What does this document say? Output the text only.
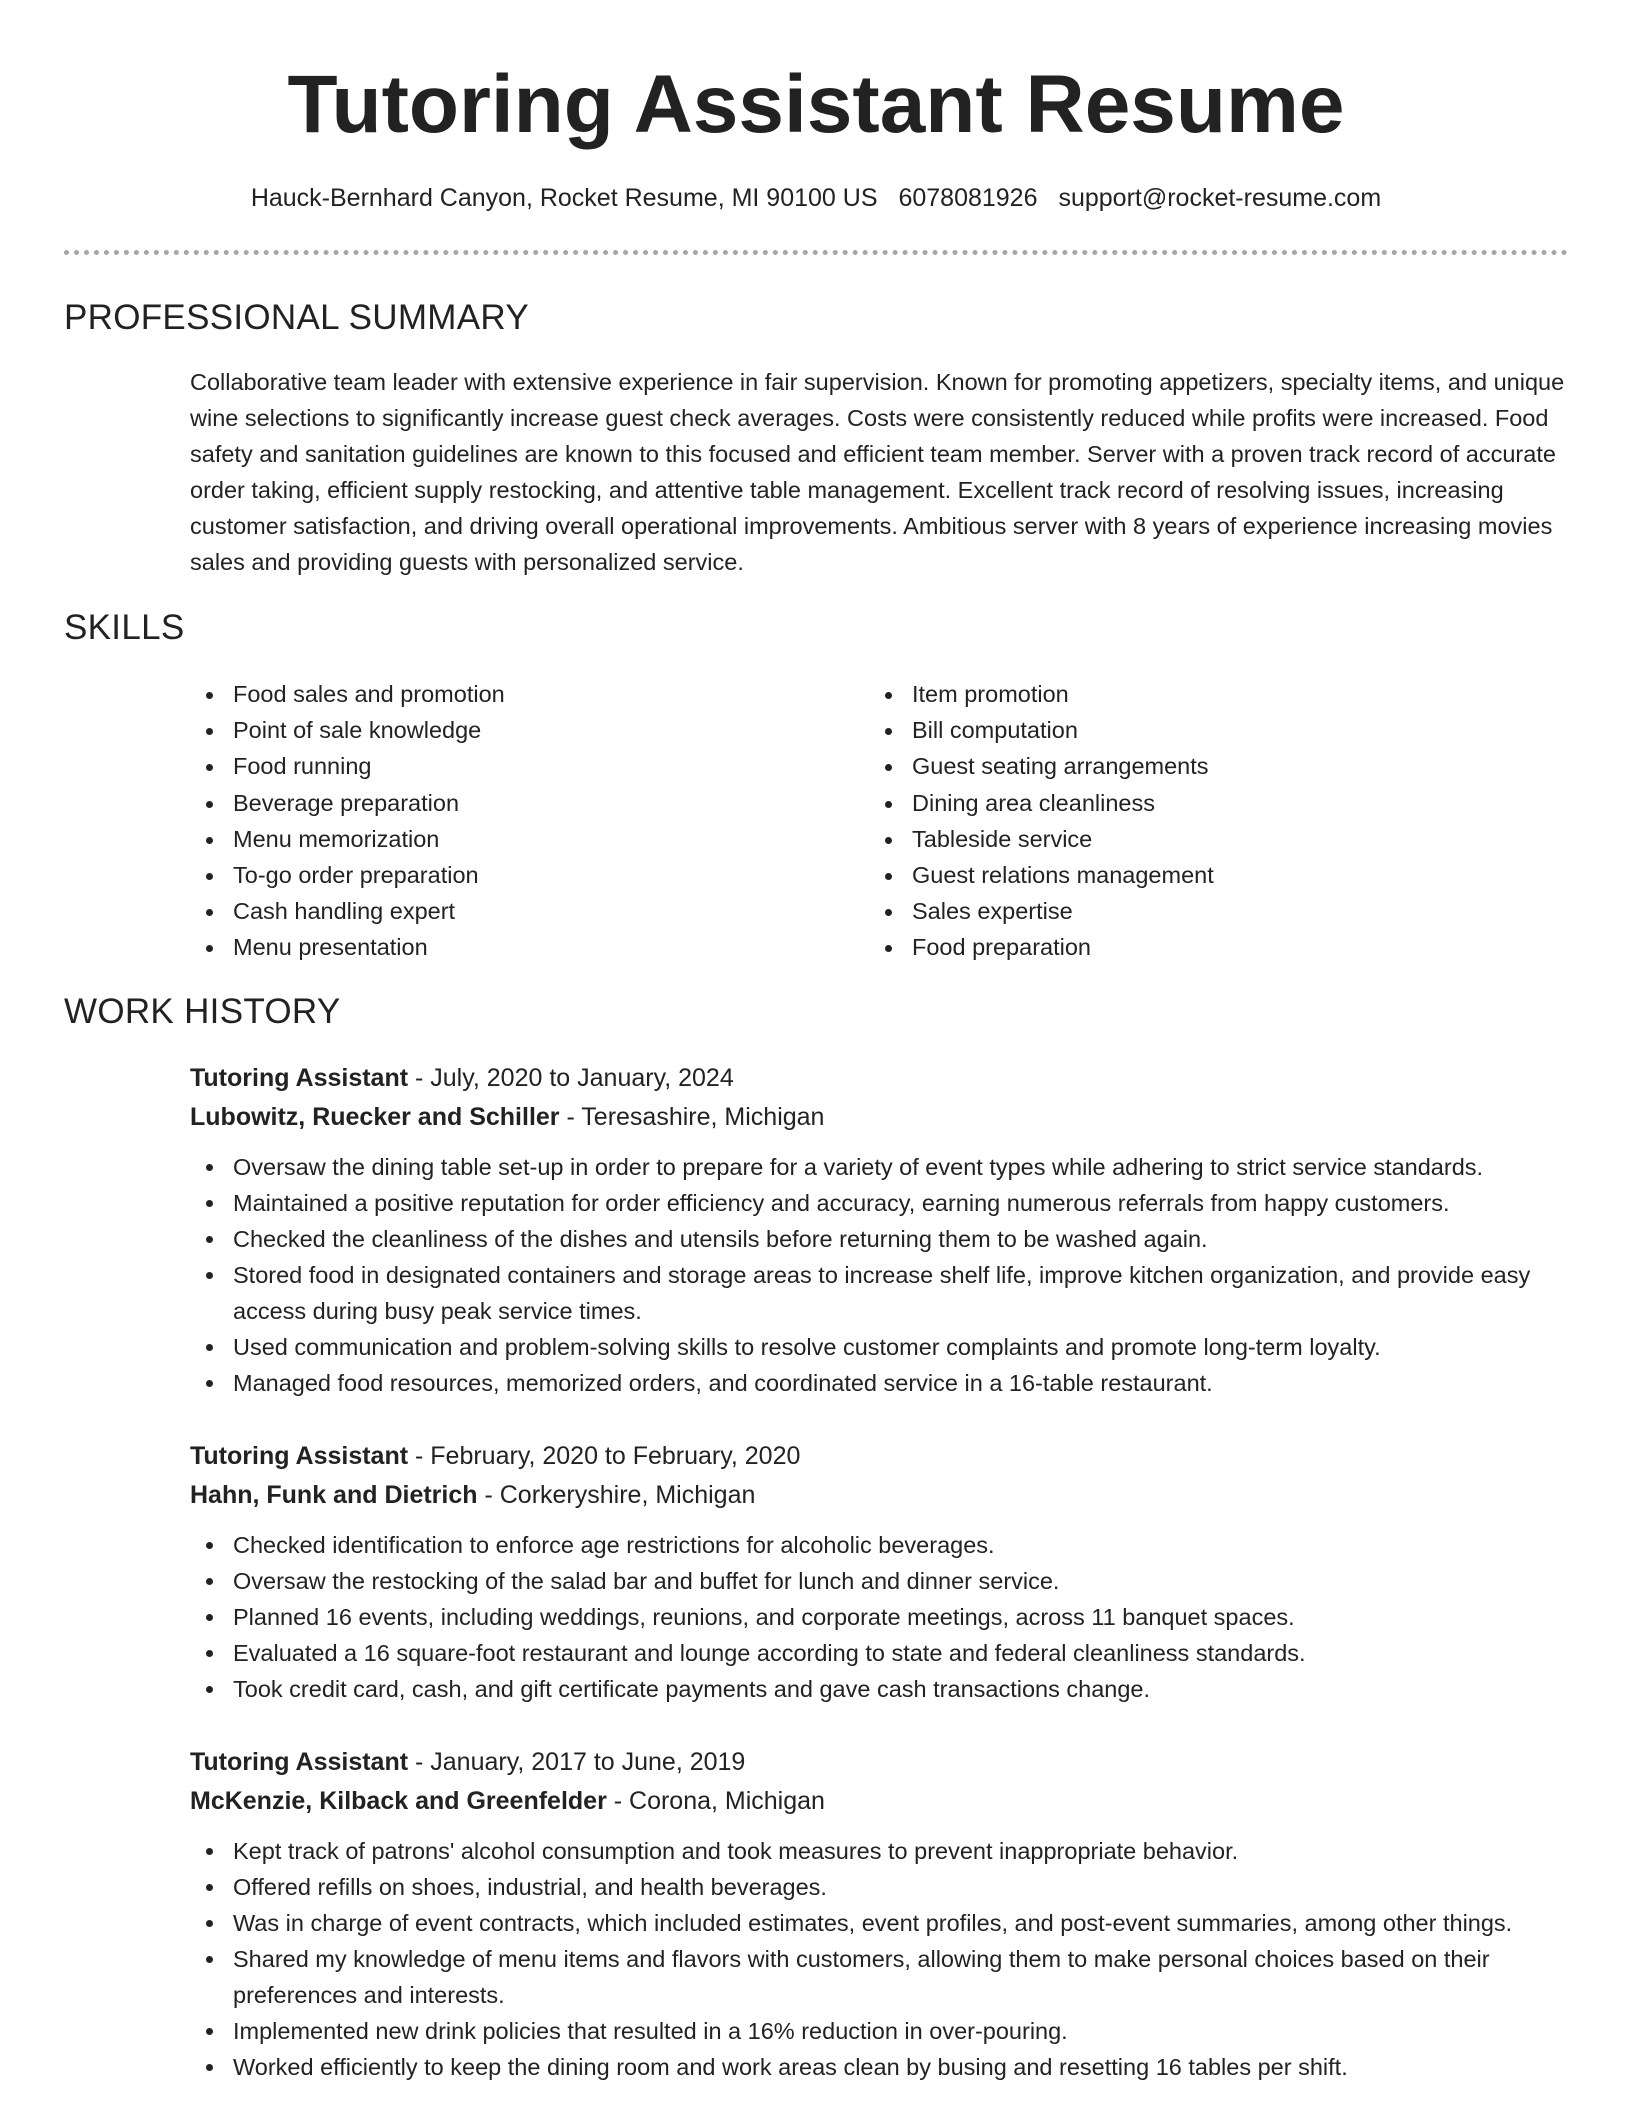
Tutoring Assistant Resume
Hauck-Bernhard Canyon, Rocket Resume, MI 90100 US 6078081926 support@rocket-resume.com
PROFESSIONAL SUMMARY

Collaborative team leader with extensive experience in fair supervision. Known for promoting appetizers, specialty items, and unique wine selections to significantly increase guest check averages. Costs were consistently reduced while profits were increased. Food safety and sanitation guidelines are known to this focused and efficient team member. Server with a proven track record of accurate order taking, efficient supply restocking, and attentive table management. Excellent track record of resolving issues, increasing customer satisfaction, and driving overall operational improvements. Ambitious server with 8 years of experience increasing movies sales and providing guests with personalized service.

SKILLS
Food sales and promotion
Point of sale knowledge
Food running
Beverage preparation
Menu memorization
To-go order preparation
Cash handling expert
Menu presentation
Item promotion
Bill computation
Guest seating arrangements
Dining area cleanliness
Tableside service
Guest relations management
Sales expertise
Food preparation
WORK HISTORY
Tutoring Assistant - July, 2020 to January, 2024
Lubowitz, Ruecker and Schiller - Teresashire, Michigan
Oversaw the dining table set-up in order to prepare for a variety of event types while adhering to strict service standards.
Maintained a positive reputation for order efficiency and accuracy, earning numerous referrals from happy customers.
Checked the cleanliness of the dishes and utensils before returning them to be washed again.
Stored food in designated containers and storage areas to increase shelf life, improve kitchen organization, and provide easy access during busy peak service times.
Used communication and problem-solving skills to resolve customer complaints and promote long-term loyalty.
Managed food resources, memorized orders, and coordinated service in a 16-table restaurant.
Tutoring Assistant - February, 2020 to February, 2020
Hahn, Funk and Dietrich - Corkeryshire, Michigan
Checked identification to enforce age restrictions for alcoholic beverages.
Oversaw the restocking of the salad bar and buffet for lunch and dinner service.
Planned 16 events, including weddings, reunions, and corporate meetings, across 11 banquet spaces.
Evaluated a 16 square-foot restaurant and lounge according to state and federal cleanliness standards.
Took credit card, cash, and gift certificate payments and gave cash transactions change.
Tutoring Assistant - January, 2017 to June, 2019
McKenzie, Kilback and Greenfelder - Corona, Michigan
Kept track of patrons' alcohol consumption and took measures to prevent inappropriate behavior.
Offered refills on shoes, industrial, and health beverages.
Was in charge of event contracts, which included estimates, event profiles, and post-event summaries, among other things.
Shared my knowledge of menu items and flavors with customers, allowing them to make personal choices based on their preferences and interests.
Implemented new drink policies that resulted in a 16% reduction in over-pouring.
Worked efficiently to keep the dining room and work areas clean by busing and resetting 16 tables per shift.
